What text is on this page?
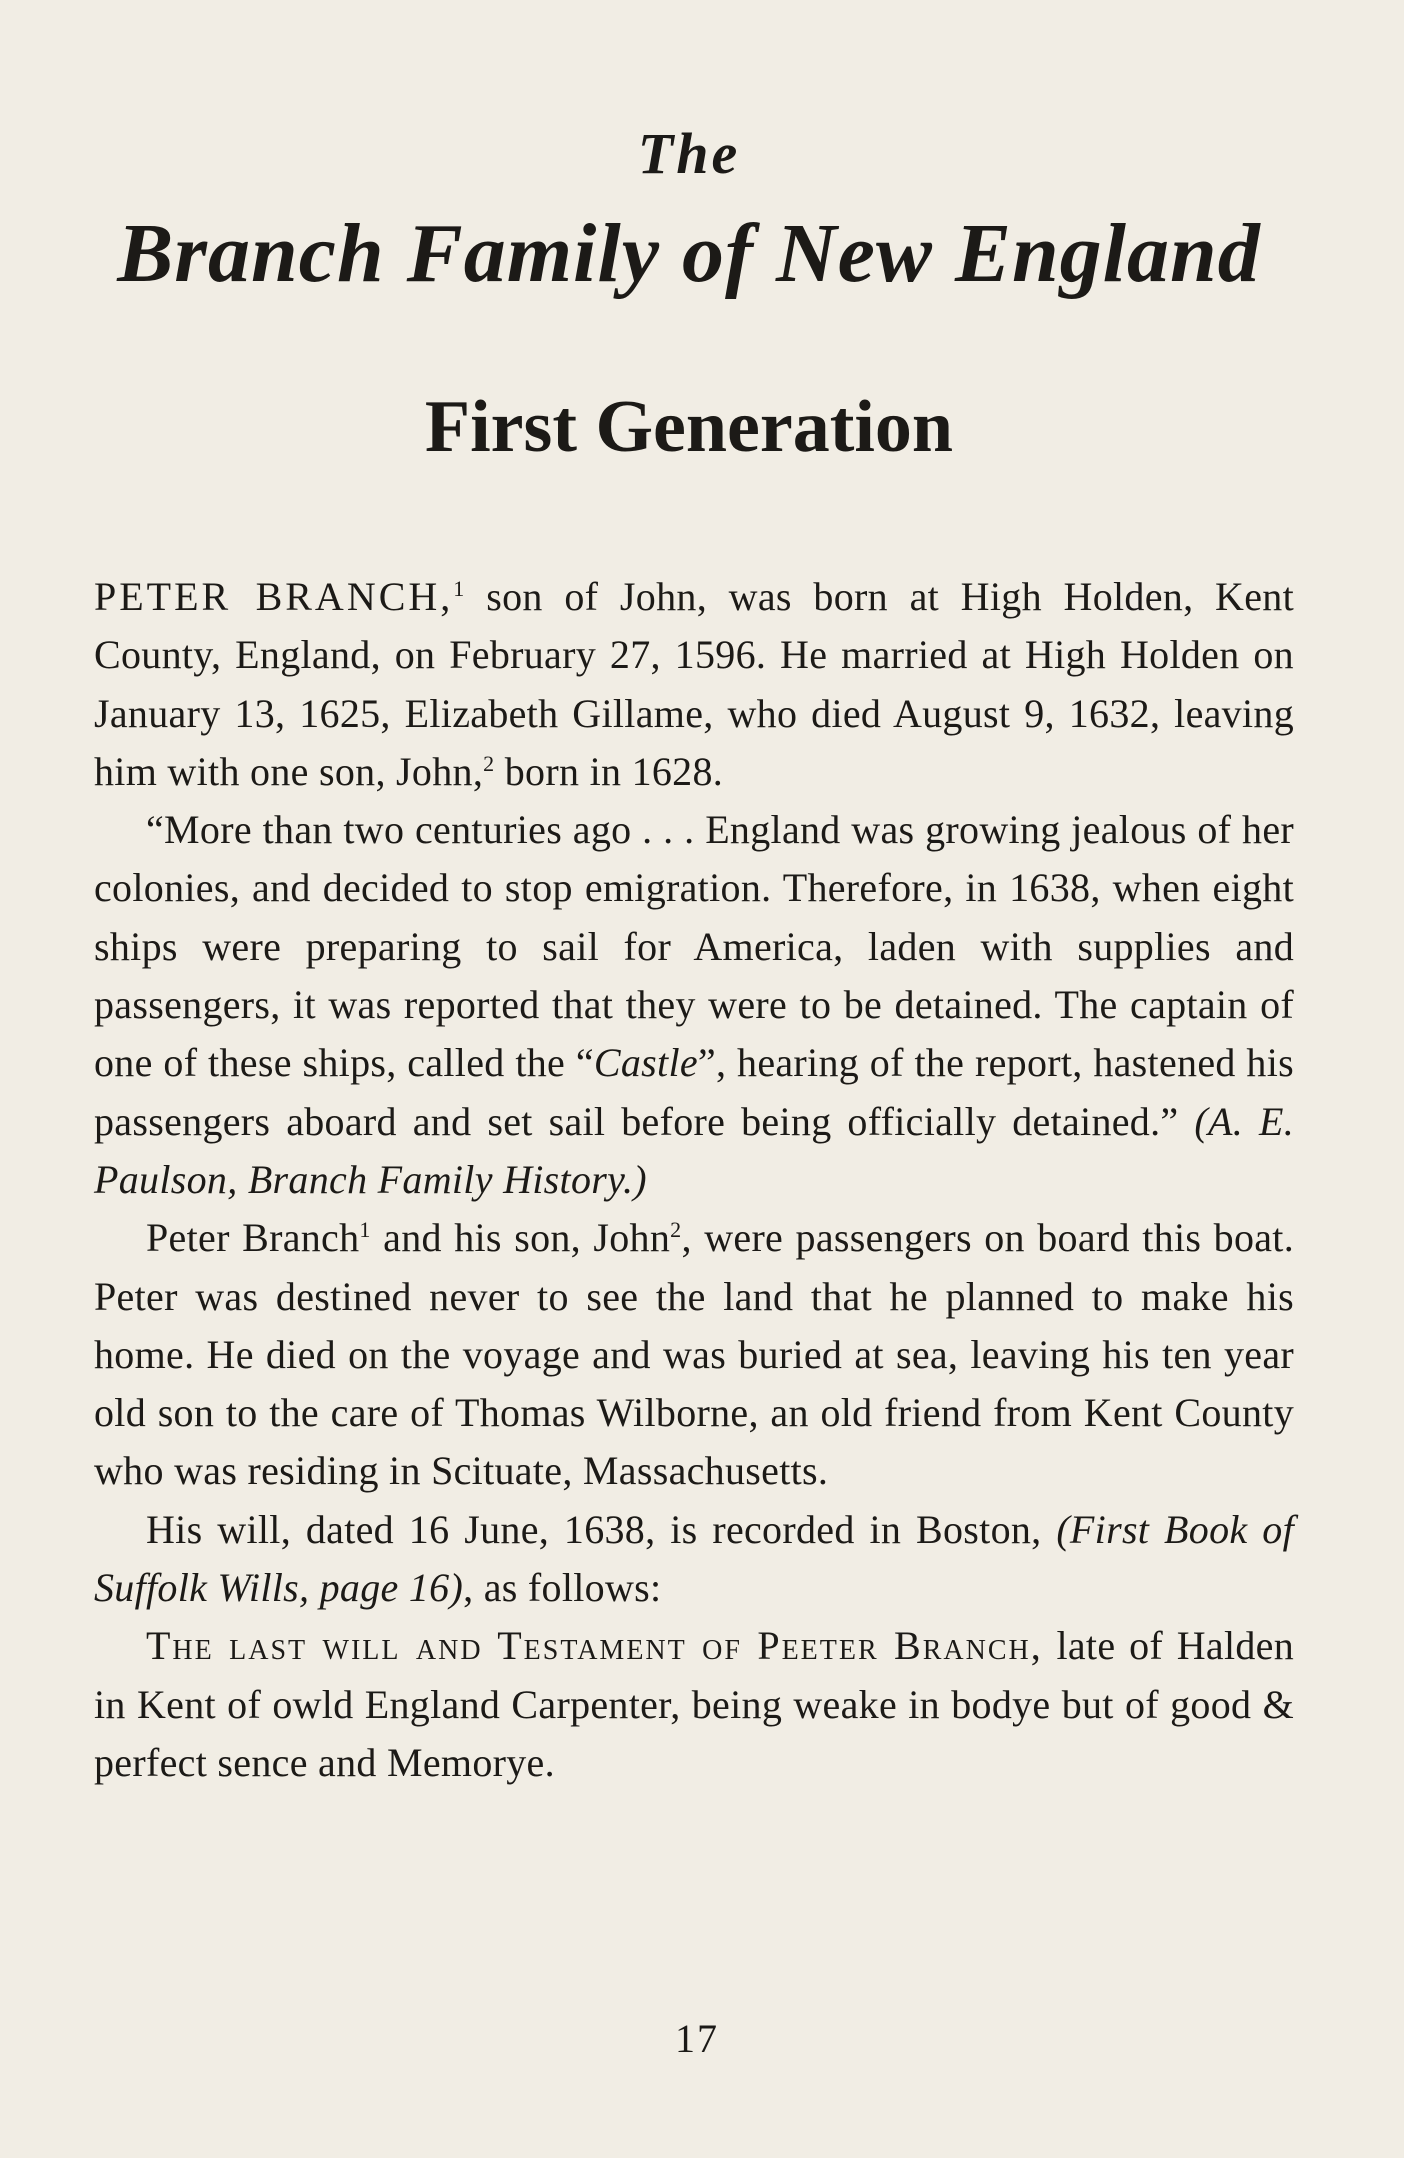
The
Branch Family of New England
First Generation

PETER BRANCH,$^1$ son of John, was born at High Holden, Kent County, England, on February 27, 1596. He married at High Holden on January 13, 1625, Elizabeth Gillame, who died August 9, 1632, leaving him with one son, John,$^2$ born in 1628.

“More than two centuries ago . . . England was growing jealous of her colonies, and decided to stop emigration. Therefore, in 1638, when eight ships were preparing to sail for America, laden with supplies and passengers, it was reported that they were to be detained. The captain of one of these ships, called the “Castle”, hearing of the report, hastened his passengers aboard and set sail before being officially detained.” (A. E. Paulson, Branch Family History.)

Peter Branch$^1$ and his son, John$^2$, were passengers on board this boat. Peter was destined never to see the land that he planned to make his home. He died on the voyage and was buried at sea, leaving his ten year old son to the care of Thomas Wilborne, an old friend from Kent County who was residing in Scituate, Massachusetts.

His will, dated 16 June, 1638, is recorded in Boston, (First Book of Suffolk Wills, page 16), as follows:

The last will and Testament of Peeter Branch, late of Halden in Kent of owld England Carpenter, being weake in bodye but of good & perfect sence and Memorye.

17
